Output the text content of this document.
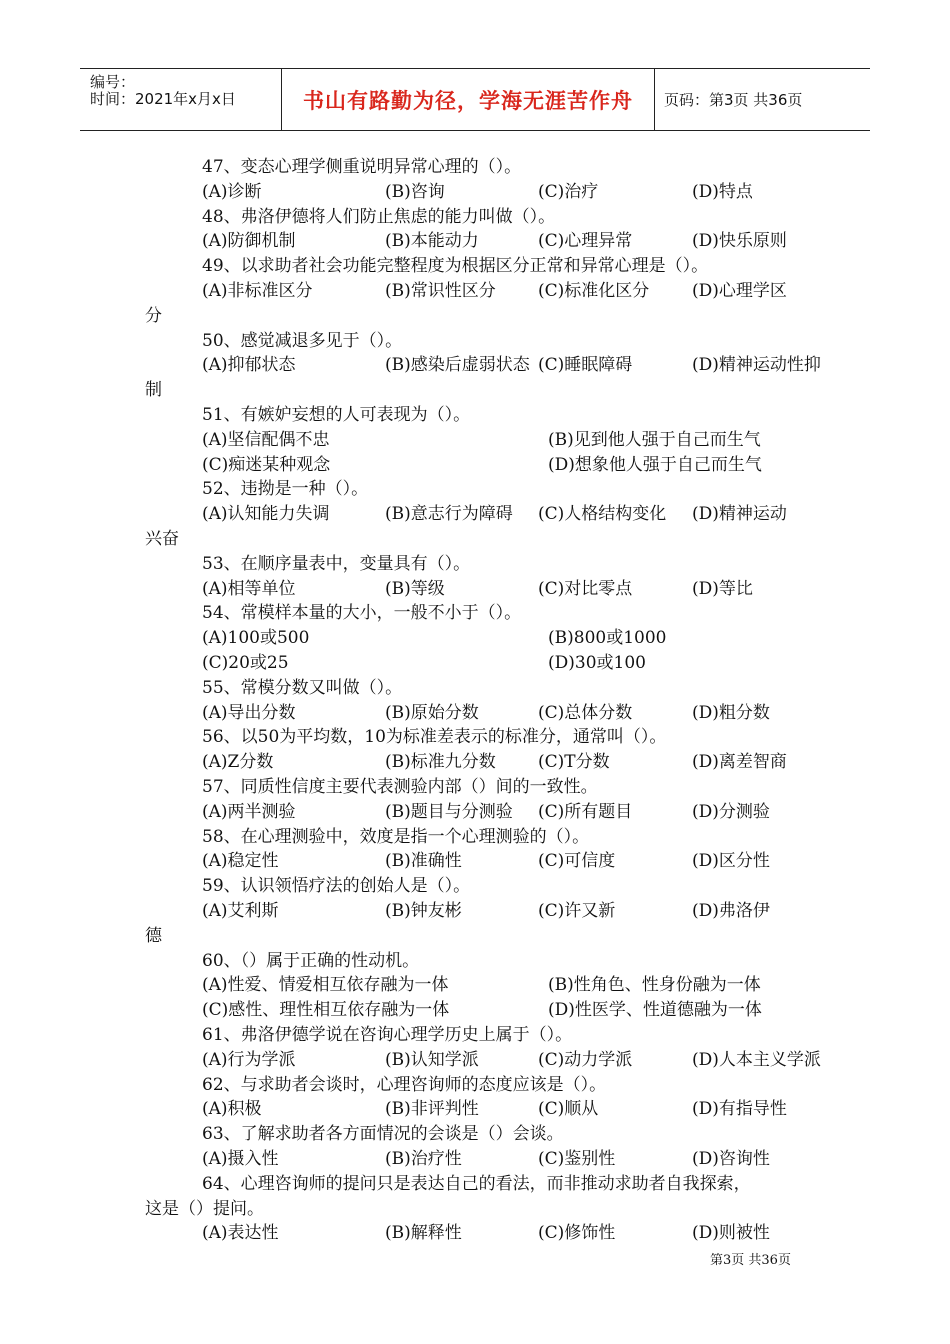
编号：
时间：2021年x月x日	书山有路勤为径，学海无涯苦作舟	页码：第3页 共36页
47、变态心理学侧重说明异常心理的（）。
(A)诊断	(B)咨询	(C)治疗	(D)特点
48、弗洛伊德将人们防止焦虑的能力叫做（）。
(A)防御机制	(B)本能动力	(C)心理异常	(D)快乐原则
49、以求助者社会功能完整程度为根据区分正常和异常心理是（）。
(A)非标准区分	(B)常识性区分 (C)标准化区分	(D)心理学区
分
50、感觉减退多见于（）。
(A)抑郁状态	(B)感染后虚弱状态 (C)睡眠障碍	(D)精神运动性抑
制
51、有嫉妒妄想的人可表现为（）。
(A)坚信配偶不忠	(B)见到他人强于自己而生气
(C)痴迷某种观念	(D)想象他人强于自己而生气
52、违拗是一种（）。
(A)认知能力失调	(B)意志行为障碍 (C)人格结构变化 (D)精神运动
兴奋
53、在顺序量表中，变量具有（）。
(A)相等单位	(B)等级	(C)对比零点	(D)等比
54、常模样本量的大小，一般不小于（）。
(A)100或500	(B)800或1000
(C)20或25	(D)30或100
55、常模分数又叫做（）。
(A)导出分数	(B)原始分数	(C)总体分数	(D)粗分数
56、以50为平均数，10为标准差表示的标准分，通常叫（）。
(A)Z分数	(B)标准九分数 (C)T分数	(D)离差智商
57、同质性信度主要代表测验内部（）间的一致性。
(A)两半测验	(B)题目与分测验 (C)所有题目	(D)分测验
58、在心理测验中，效度是指一个心理测验的（）。
(A)稳定性	(B)准确性	(C)可信度	(D)区分性
59、认识领悟疗法的创始人是（）。
(A)艾利斯	(B)钟友彬	(C)许又新	(D)弗洛伊
德
60、（）属于正确的性动机。
(A)性爱、情爱相互依存融为一体	(B)性角色、性身份融为一体
(C)感性、理性相互依存融为一体	(D)性医学、性道德融为一体
61、弗洛伊德学说在咨询心理学历史上属于（）。
(A)行为学派	(B)认知学派	(C)动力学派	(D)人本主义学派
62、与求助者会谈时，心理咨询师的态度应该是（）。
(A)积极	(B)非评判性	(C)顺从	(D)有指导性
63、了解求助者各方面情况的会谈是（）会谈。
(A)摄入性	(B)治疗性	(C)鉴别性	(D)咨询性
64、心理咨询师的提问只是表达自己的看法，而非推动求助者自我探索，
这是（）提问。
(A)表达性	(B)解释性	(C)修饰性	(D)则被性
第3页 共36页
